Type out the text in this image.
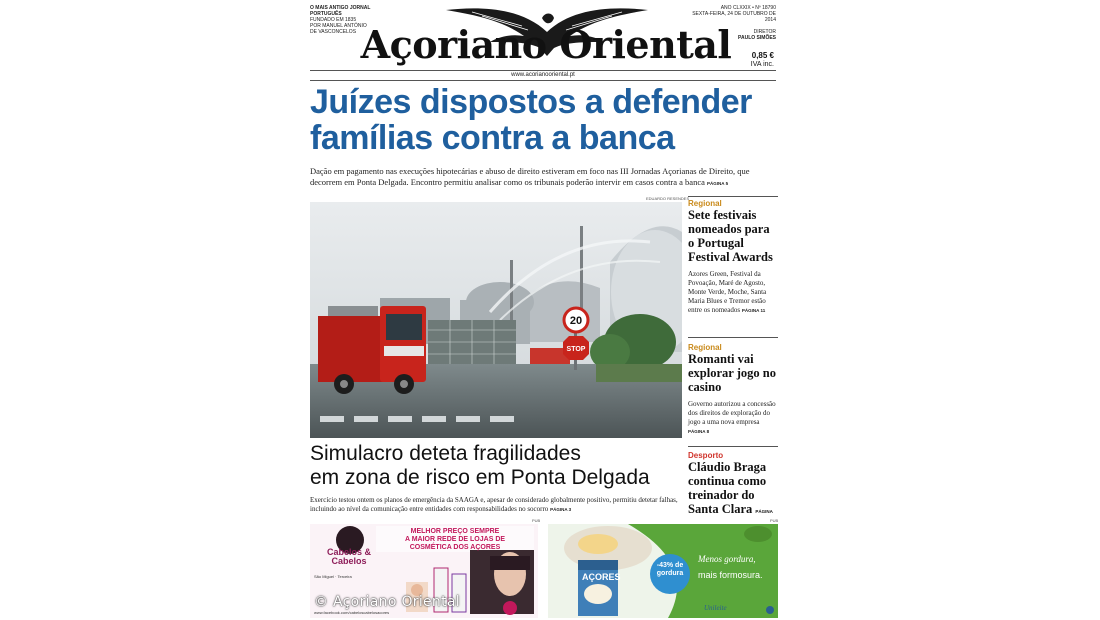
O MAIS ANTIGO JORNAL PORTUGUÊS
FUNDADO EM 1835
POR MANUEL ANTÓNIO
DE VASCONCELOS Açoriano Oriental
ANO CLXXIX • Nº 18790
SEXTA-FEIRA, 24 DE OUTUBRO DE 2014

DIRETOR
PAULO SIMÕES
0,85 €
IVA inc.
www.acorianooriental.pt
Juízes dispostos a defender
famílias contra a banca
Dação em pagamento nas execuções hipotecárias e abuso de direito estiveram em foco nas III Jornadas Açorianas de Direito, que decorrem em Ponta Delgada. Encontro permitiu analisar como os tribunais poderão intervir em casos contra a banca PÁGINA 5
EDUARDO RESENDES
20
STOP
Simulacro deteta fragilidades
em zona de risco em Ponta Delgada
Exercício testou ontem os planos de emergência da SAAGA e, apesar de considerado globalmente positivo, permitiu detetar falhas, incluindo ao nível da comunicação entre entidades com responsabilidades no socorro PÁGINA 3
Regional
Sete festivais nomeados para o Portugal Festival Awards
Azores Green, Festival da Povoação, Maré de Agosto, Monte Verde, Moche, Santa Maria Blues e Tremor estão entre os nomeados PÁGINA 11
Regional
Romanti vai explorar jogo no casino
Governo autorizou a concessão dos direitos de exploração do jogo a uma nova empresa PÁGINA 8
Desporto
Cláudio Braga continua como treinador do Santa Clara PÁGINA
PUB	PUB
MELHOR PREÇO SEMPRE
A MAIOR REDE DE LOJAS DE
COSMÉTICA DOS AÇORES
Cabelos & Cabelos
São Miguel · Terceira
www.facebook.com/cabeloscabelosacores
AÇORES
-43% de gordura
Menos gordura,
mais formosura.
Unileite
© Açoriano Oriental
